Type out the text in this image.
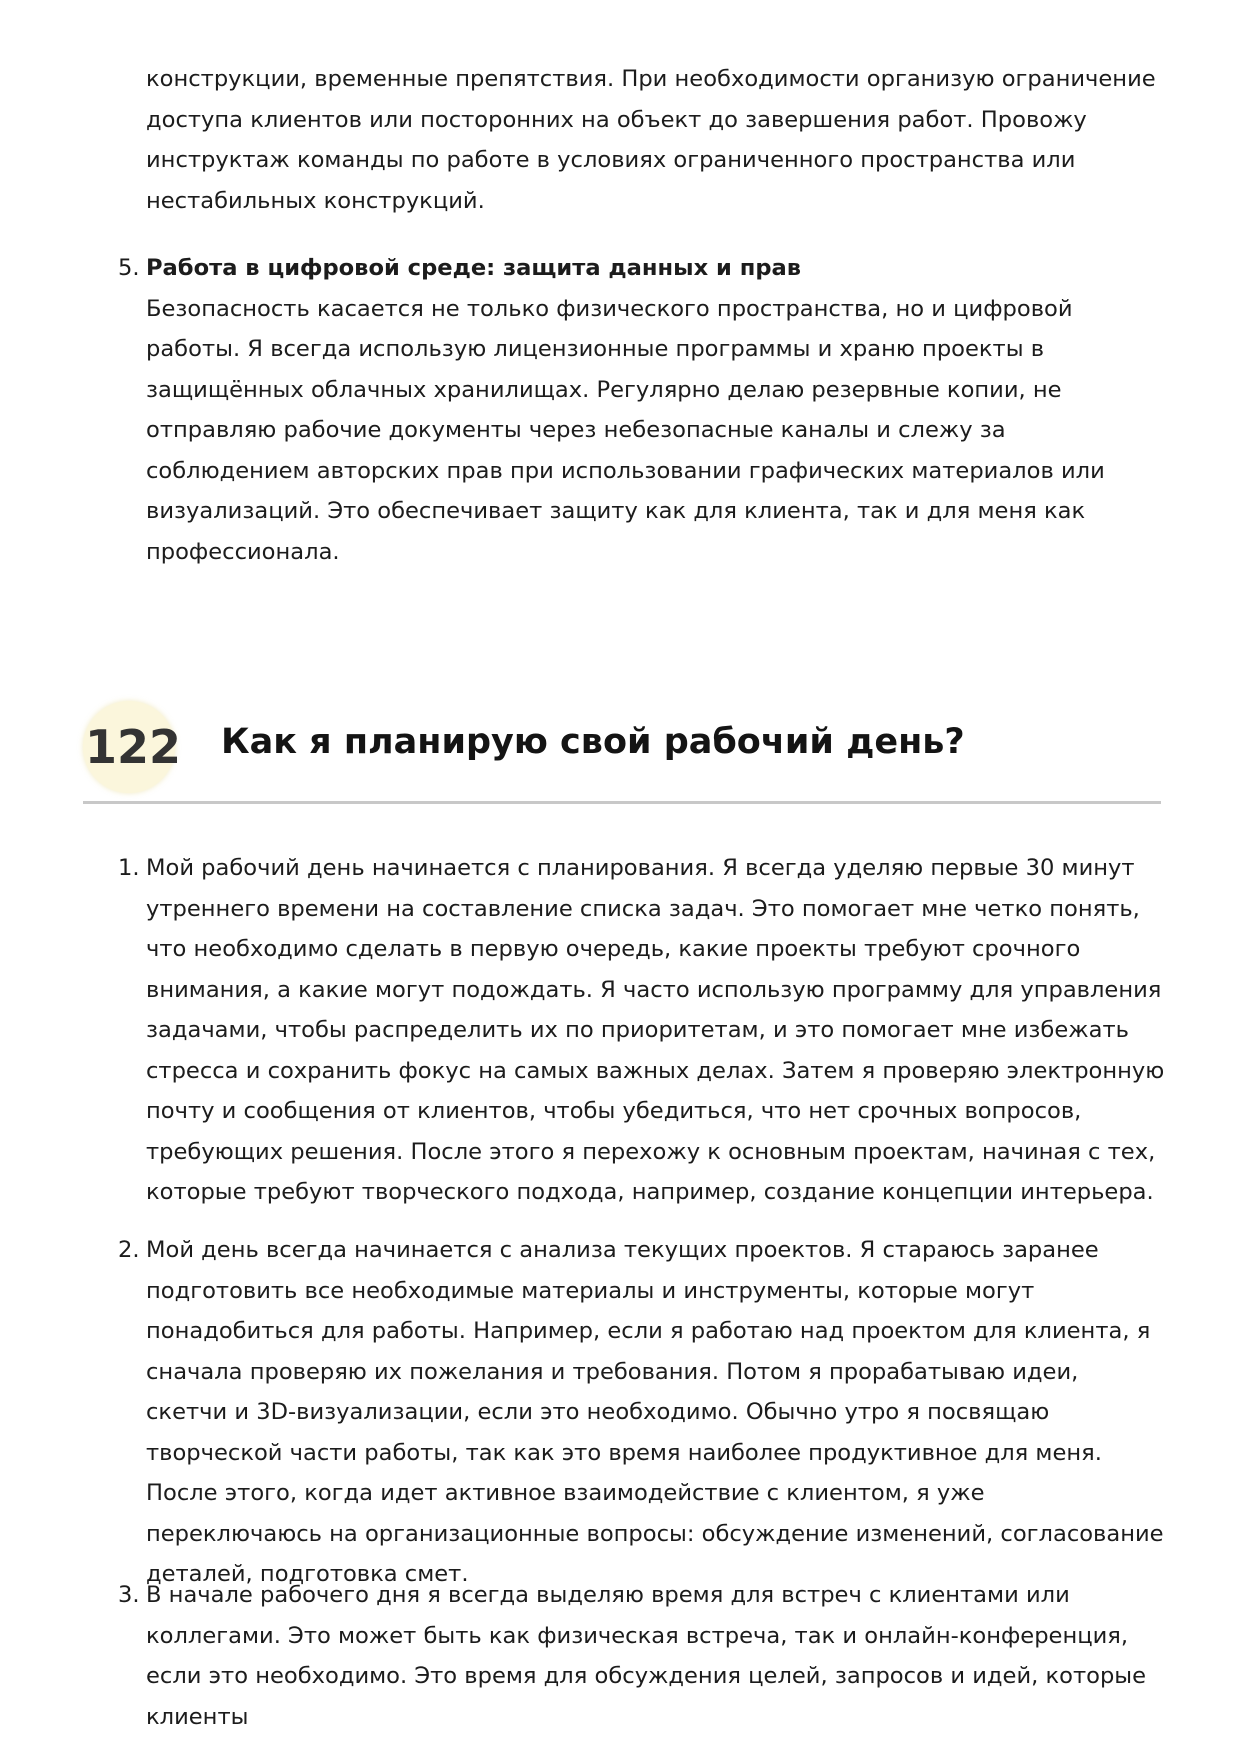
конструкции, временные препятствия. При необходимости организую ограничение доступа клиентов или посторонних на объект до завершения работ. Провожу инструктаж команды по работе в условиях ограниченного пространства или нестабильных конструкций.

5. Работа в цифровой среде: защита данных и прав

Безопасность касается не только физического пространства, но и цифровой работы. Я всегда использую лицензионные программы и храню проекты в защищённых облачных хранилищах. Регулярно делаю резервные копии, не отправляю рабочие документы через небезопасные каналы и слежу за соблюдением авторских прав при использовании графических материалов или визуализаций. Это обеспечивает защиту как для клиента, так и для меня как профессионала.

122 Как я планирую свой рабочий день?
1. Мой рабочий день начинается с планирования. Я всегда уделяю первые 30 минут утреннего времени на составление списка задач. Это помогает мне четко понять, что необходимо сделать в первую очередь, какие проекты требуют срочного внимания, а какие могут подождать. Я часто использую программу для управления задачами, чтобы распределить их по приоритетам, и это помогает мне избежать стресса и сохранить фокус на самых важных делах. Затем я проверяю электронную почту и сообщения от клиентов, чтобы убедиться, что нет срочных вопросов, требующих решения. После этого я перехожу к основным проектам, начиная с тех, которые требуют творческого подхода, например, создание концепции интерьера.

2. Мой день всегда начинается с анализа текущих проектов. Я стараюсь заранее подготовить все необходимые материалы и инструменты, которые могут понадобиться для работы. Например, если я работаю над проектом для клиента, я сначала проверяю их пожелания и требования. Потом я прорабатываю идеи, скетчи и 3D-визуализации, если это необходимо. Обычно утро я посвящаю творческой части работы, так как это время наиболее продуктивное для меня. После этого, когда идет активное взаимодействие с клиентом, я уже переключаюсь на организационные вопросы: обсуждение изменений, согласование деталей, подготовка смет.

3. В начале рабочего дня я всегда выделяю время для встреч с клиентами или коллегами. Это может быть как физическая встреча, так и онлайн-конференция, если это необходимо. Это время для обсуждения целей, запросов и идей, которые клиенты
